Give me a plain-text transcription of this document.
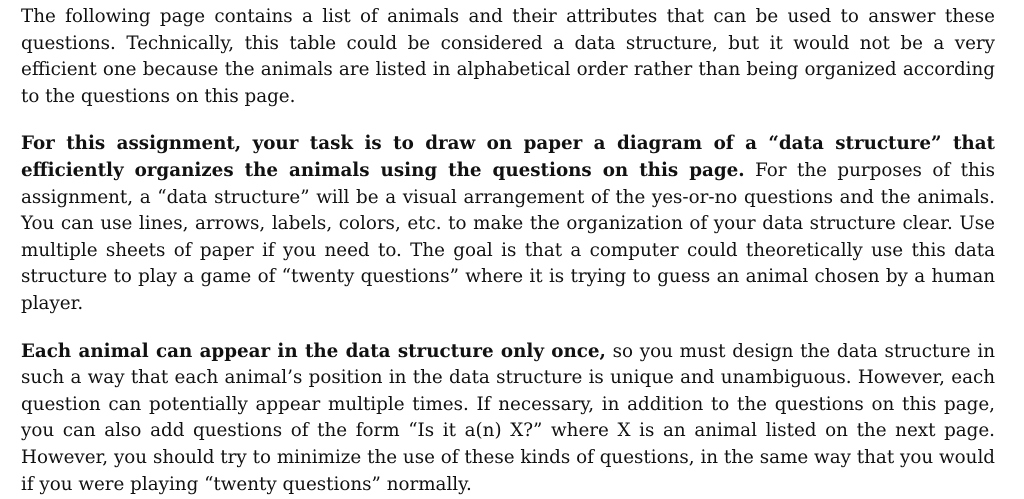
The following page contains a list of animals and their attributes that can be used to answer these questions. Technically, this table could be considered a data structure, but it would not be a very efficient one because the animals are listed in alphabetical order rather than being organized according to the questions on this page.

For this assignment, your task is to draw on paper a diagram of a “data structure” that efficiently organizes the animals using the questions on this page. For the purposes of this assignment, a “data structure” will be a visual arrangement of the yes-or-no questions and the animals. You can use lines, arrows, labels, colors, etc. to make the organization of your data structure clear. Use multiple sheets of paper if you need to. The goal is that a computer could theoretically use this data structure to play a game of “twenty questions” where it is trying to guess an animal chosen by a human player.

Each animal can appear in the data structure only once, so you must design the data structure in such a way that each animal’s position in the data structure is unique and unambiguous. However, each question can potentially appear multiple times. If necessary, in addition to the questions on this page, you can also add questions of the form “Is it a(n) X?” where X is an animal listed on the next page. However, you should try to minimize the use of these kinds of questions, in the same way that you would if you were playing “twenty questions” normally.
